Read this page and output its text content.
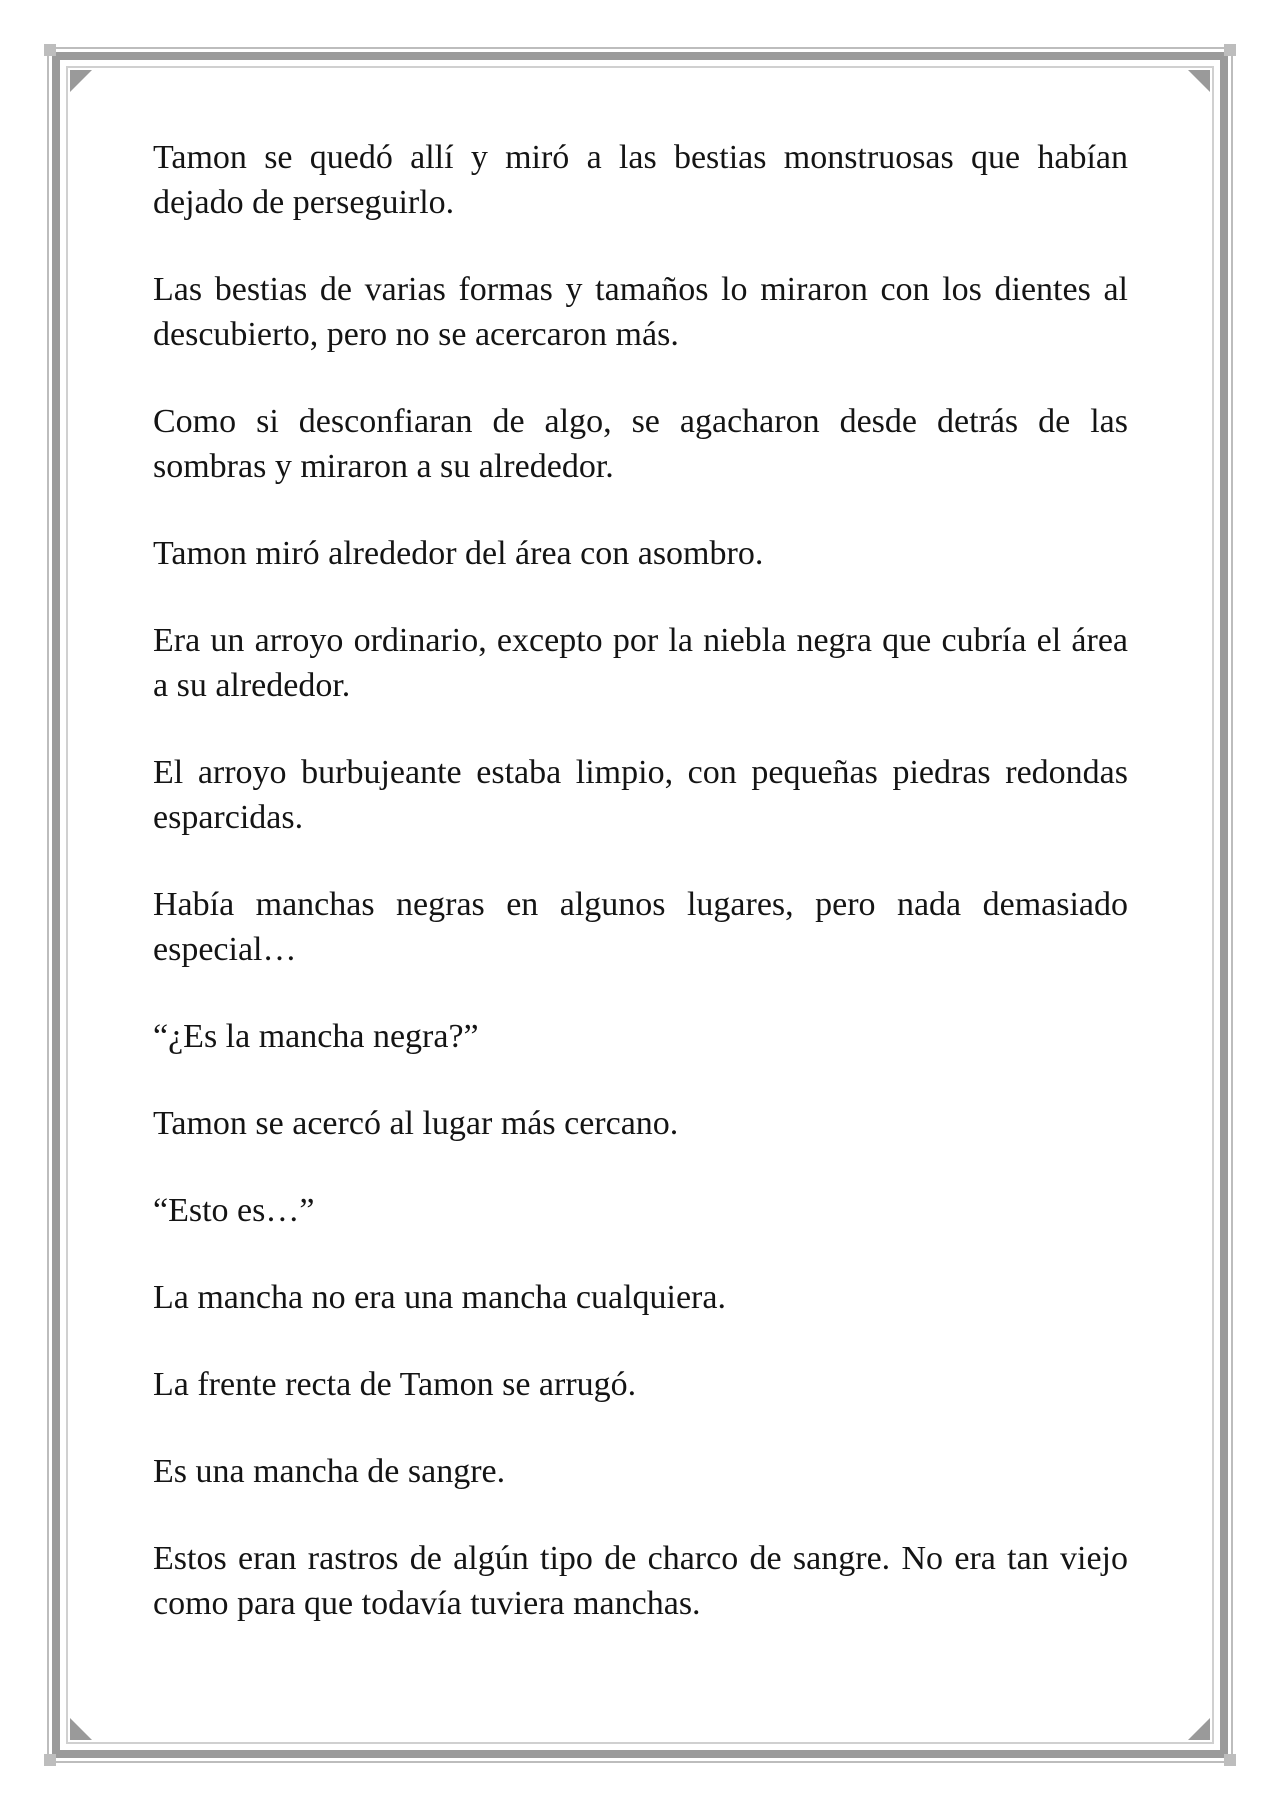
Tamon se quedó allí y miró a las bestias monstruosas que habían dejado de perseguirlo.

Las bestias de varias formas y tamaños lo miraron con los dientes al descubierto, pero no se acercaron más.

Como si desconfiaran de algo, se agacharon desde detrás de las sombras y miraron a su alrededor.

Tamon miró alrededor del área con asombro.

Era un arroyo ordinario, excepto por la niebla negra que cubría el área a su alrededor.

El arroyo burbujeante estaba limpio, con pequeñas piedras redondas esparcidas.

Había manchas negras en algunos lugares, pero nada demasiado especial…

“¿Es la mancha negra?”

Tamon se acercó al lugar más cercano.

“Esto es…”

La mancha no era una mancha cualquiera.

La frente recta de Tamon se arrugó.

Es una mancha de sangre.

Estos eran rastros de algún tipo de charco de sangre. No era tan viejo como para que todavía tuviera manchas.
